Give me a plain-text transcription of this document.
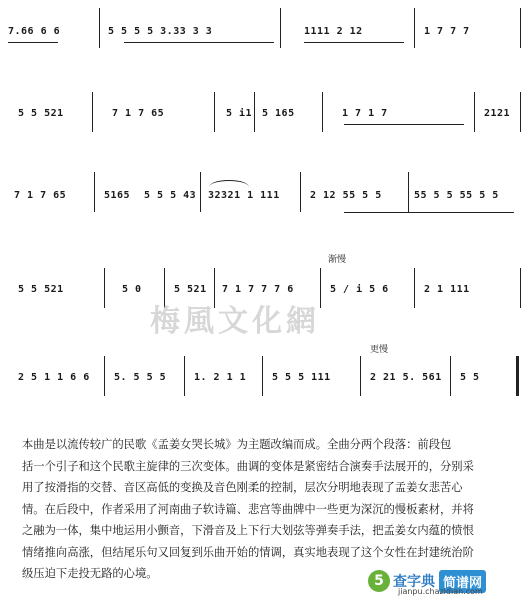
7.66 6 6	5 5 5 5 3.33 3 3	1111 2 12	1 7 7 7
5 5 521	7 1 7 65	5 i1 5 165	1 7 1 7	2121
7 1 7 65	5165 5 5 5 43 32321 1 111	2 12 55 5 5	55 5 5 55 5 5
渐慢
5 5 521	5 0	5 521 7 1 7 7 7 6	5 / i 5 6	2 1 111
梅風文化網
更慢
2 5 1 1 6 6 5. 5 5 5	1. 2 1 1	5 5 5 111	2 21 5. 561 5 5

本曲是以流传较广的民歌《孟姜女哭长城》为主题改编而成。全曲分两个段落：前段包

括一个引子和这个民歌主旋律的三次变体。曲调的变体是紧密结合演奏手法展开的，分别采

用了按滑指的交替、音区高低的变换及音色刚柔的控制，层次分明地表现了孟姜女悲苦心

情。在后段中，作者采用了河南曲子软诗篇、悲宫等曲牌中一些更为深沉的慢板素材，并将

之融为一体，集中地运用小颤音，下滑音及上下行大划弦等弹奏手法，把孟姜女内蕴的愤恨

情绪推向高涨，但结尾乐句又回复到乐曲开始的情调，真实地表现了这个女性在封建统治阶

级压迫下走投无路的心境。	5 查字典 简谱网
jianpu.chazidian.com
